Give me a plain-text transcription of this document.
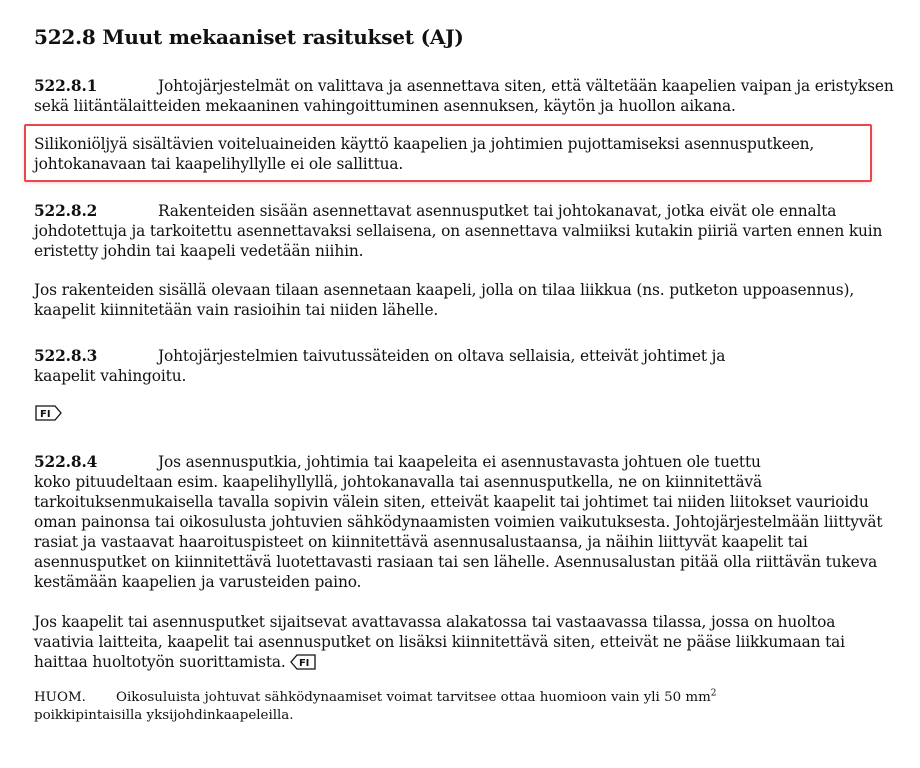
522.8 Muut mekaaniset rasitukset (AJ)
522.8.1	Johtojärjestelmät on valittava ja asennettava siten, että vältetään kaapelien vaipan ja eristyksen sekä liitäntälaitteiden mekaaninen vahingoittuminen asennuksen, käytön ja huollon aikana.
Silikoniöljyä sisältävien voiteluaineiden käyttö kaapelien ja johtimien pujottamiseksi asennusputkeen, johtokanavaan tai kaapelihyllylle ei ole sallittua.
522.8.2	Rakenteiden sisään asennettavat asennusputket tai johtokanavat, jotka eivät ole ennalta johdotettuja ja tarkoitettu asennettavaksi sellaisena, on asennettava valmiiksi kutakin piiriä varten ennen kuin eristetty johdin tai kaapeli vedetään niihin.
Jos rakenteiden sisällä olevaan tilaan asennetaan kaapeli, jolla on tilaa liikkua (ns. putketon uppoasennus), kaapelit kiinnitetään vain rasioihin tai niiden lähelle.
522.8.3	Johtojärjestelmien taivutussäteiden on oltava sellaisia, etteivät johtimet ja
kaapelit vahingoitu.
FI
522.8.4	Jos asennusputkia, johtimia tai kaapeleita ei asennustavasta johtuen ole tuettu
koko pituudeltaan esim. kaapelihyllyllä, johtokanavalla tai asennusputkella, ne on kiinnitettävä tarkoituksenmukaisella tavalla sopivin välein siten, etteivät kaapelit tai johtimet tai niiden liitokset vaurioidu oman painonsa tai oikosulusta johtuvien sähködynaamisten voimien vaikutuksesta. Johtojärjestelmään liittyvät rasiat ja vastaavat haaroituspisteet on kiinnitettävä asennusalustaansa, ja näihin liittyvät kaapelit tai asennusputket on kiinnitettävä luotettavasti rasiaan tai sen lähelle. Asennusalustan pitää olla riittävän tukeva kestämään kaapelien ja varusteiden paino.
Jos kaapelit tai asennusputket sijaitsevat avattavassa alakatossa tai vastaavassa tilassa, jossa on huoltoa vaativia laitteita, kaapelit tai asennusputket on lisäksi kiinnitettävä siten, etteivät ne pääse liikkumaan tai haittaa huoltotyön suorittamista. FI
HUOM. Oikosuluista johtuvat sähködynaamiset voimat tarvitsee ottaa huomioon vain yli 50 $mm^2$
poikkipintaisilla yksijohdinkaapeleilla.
